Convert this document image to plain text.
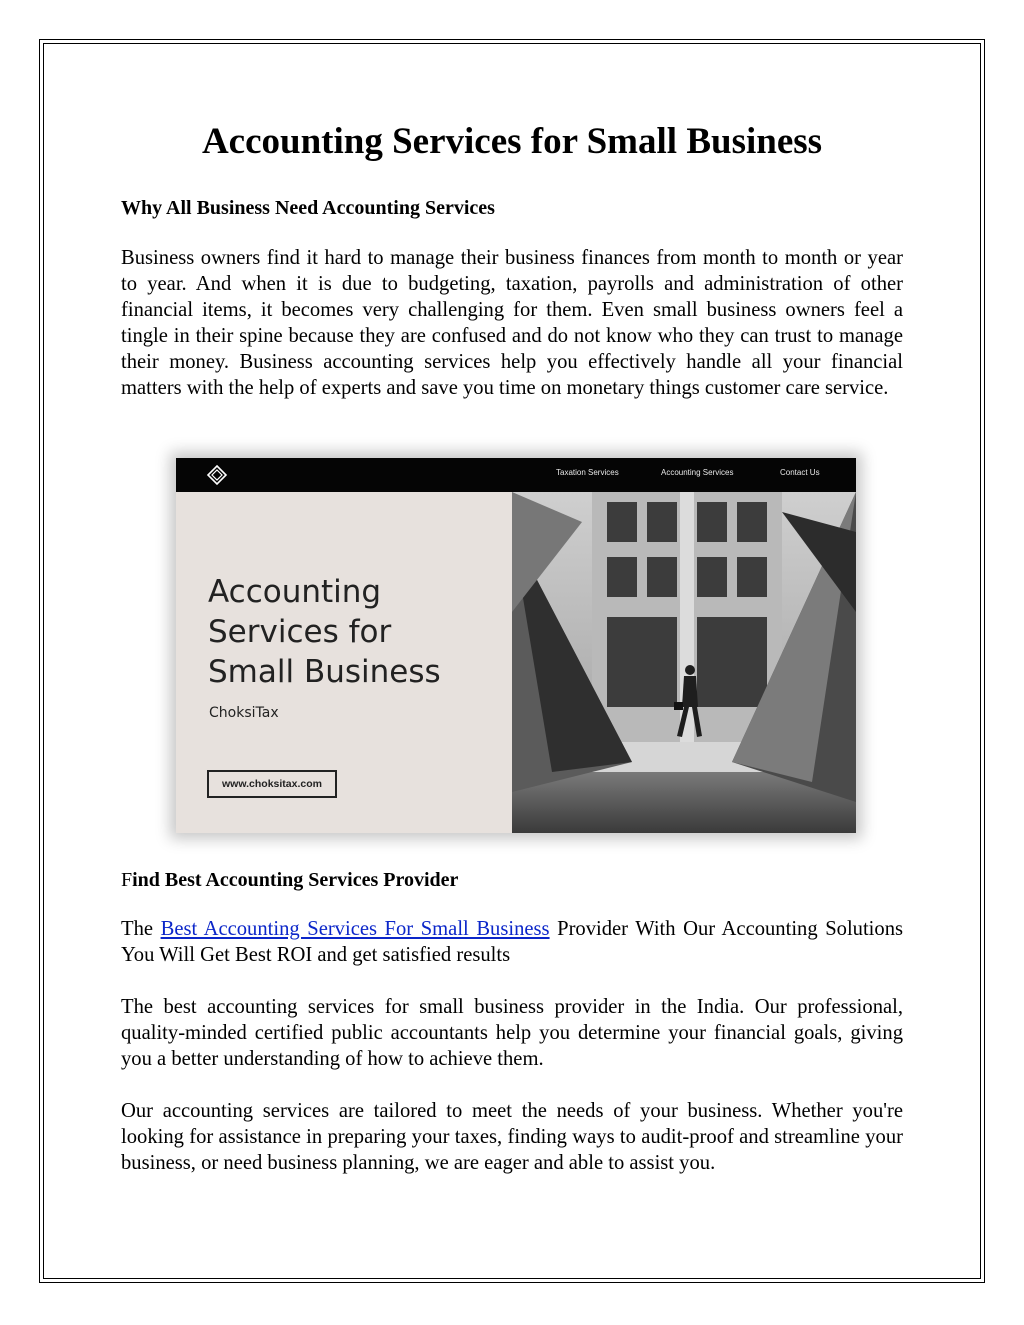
Accounting Services for Small Business

Why All Business Need Accounting Services

Business owners find it hard to manage their business finances from month to month or year to year. And when it is due to budgeting, taxation, payrolls and administration of other financial items, it becomes very challenging for them. Even small business owners feel a tingle in their spine because they are confused and do not know who they can trust to manage their money. Business accounting services help you effectively handle all your financial matters with the help of experts and save you time on monetary things customer care service.

Find Best Accounting Services Provider

The Best Accounting Services For Small Business Provider With Our Accounting Solutions You Will Get Best ROI and get satisfied results

The best accounting services for small business provider in the India. Our professional, quality-minded certified public accountants help you determine your financial goals, giving you a better understanding of how to achieve them.

Our accounting services are tailored to meet the needs of your business. Whether you're looking for assistance in preparing your taxes, finding ways to audit-proof and streamline your business, or need business planning, we are eager and able to assist you.

Taxation Services	Accounting Services	Contact Us
Accounting
Services for
Small Business
ChoksiTax
www.choksitax.com
